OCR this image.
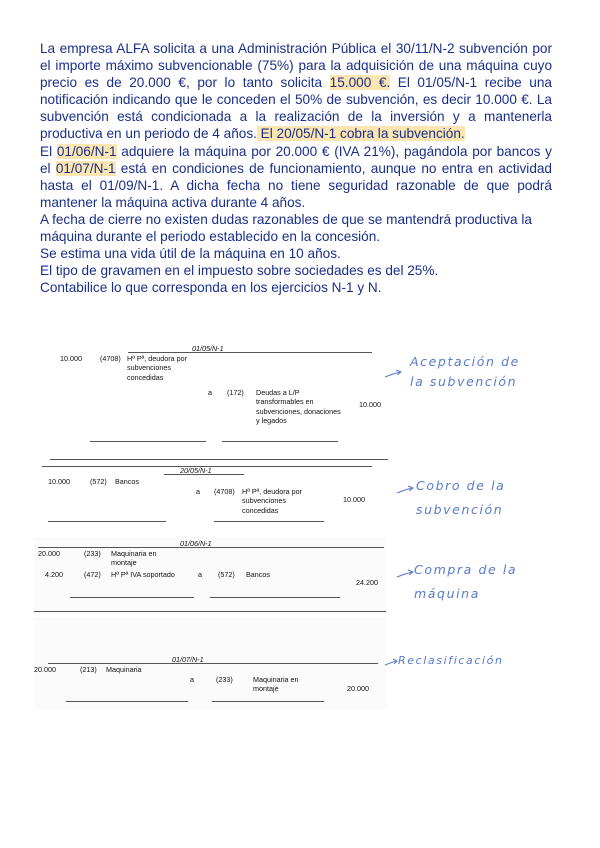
La empresa ALFA solicita a una Administración Pública el 30/11/N-2 subvención por el importe máximo subvencionable (75%) para la adquisición de una máquina cuyo precio es de 20.000 €, por lo tanto solicita 15.000 €. El 01/05/N-1 recibe una notificación indicando que le conceden el 50% de subvención, es decir 10.000 €. La subvención está condicionada a la realización de la inversión y a mantenerla productiva en un periodo de 4 años. El 20/05/N-1 cobra la subvención.

El 01/06/N-1 adquiere la máquina por 20.000 € (IVA 21%), pagándola por bancos y el 01/07/N-1 está en condiciones de funcionamiento, aunque no entra en actividad hasta el 01/09/N-1. A dicha fecha no tiene seguridad razonable de que podrá mantener la máquina activa durante 4 años.

A fecha de cierre no existen dudas razonables de que se mantendrá productiva la máquina durante el periodo establecido en la concesión.

Se estima una vida útil de la máquina en 10 años.

El tipo de gravamen en el impuesto sobre sociedades es del 25%.

Contabilice lo que corresponda en los ejercicios N-1 y N.

01/05/N-1
10.000	(4708) Hª Pª, deudora por subvenciones concedidas
a (172) Deudas a L/P transformables en subvenciones, donaciones y legados
10.000
Aceptación de la subvención
20/05/N-1
10.000	(572) Bancos
a (4708) Hª Pª, deudora por subvenciones concedidas
10.000
Cobro de la subvención
01/06/N-1
20.000	(233) Maquinaria en montaje
4.200	(472) Hª Pª IVA soportado	a (572) Bancos
24.200
Compra de la máquina
01/07/N-1
20.000	(213) Maquinaria
a	(233)	Maquinaria en montaje	20.000
Reclasificación
